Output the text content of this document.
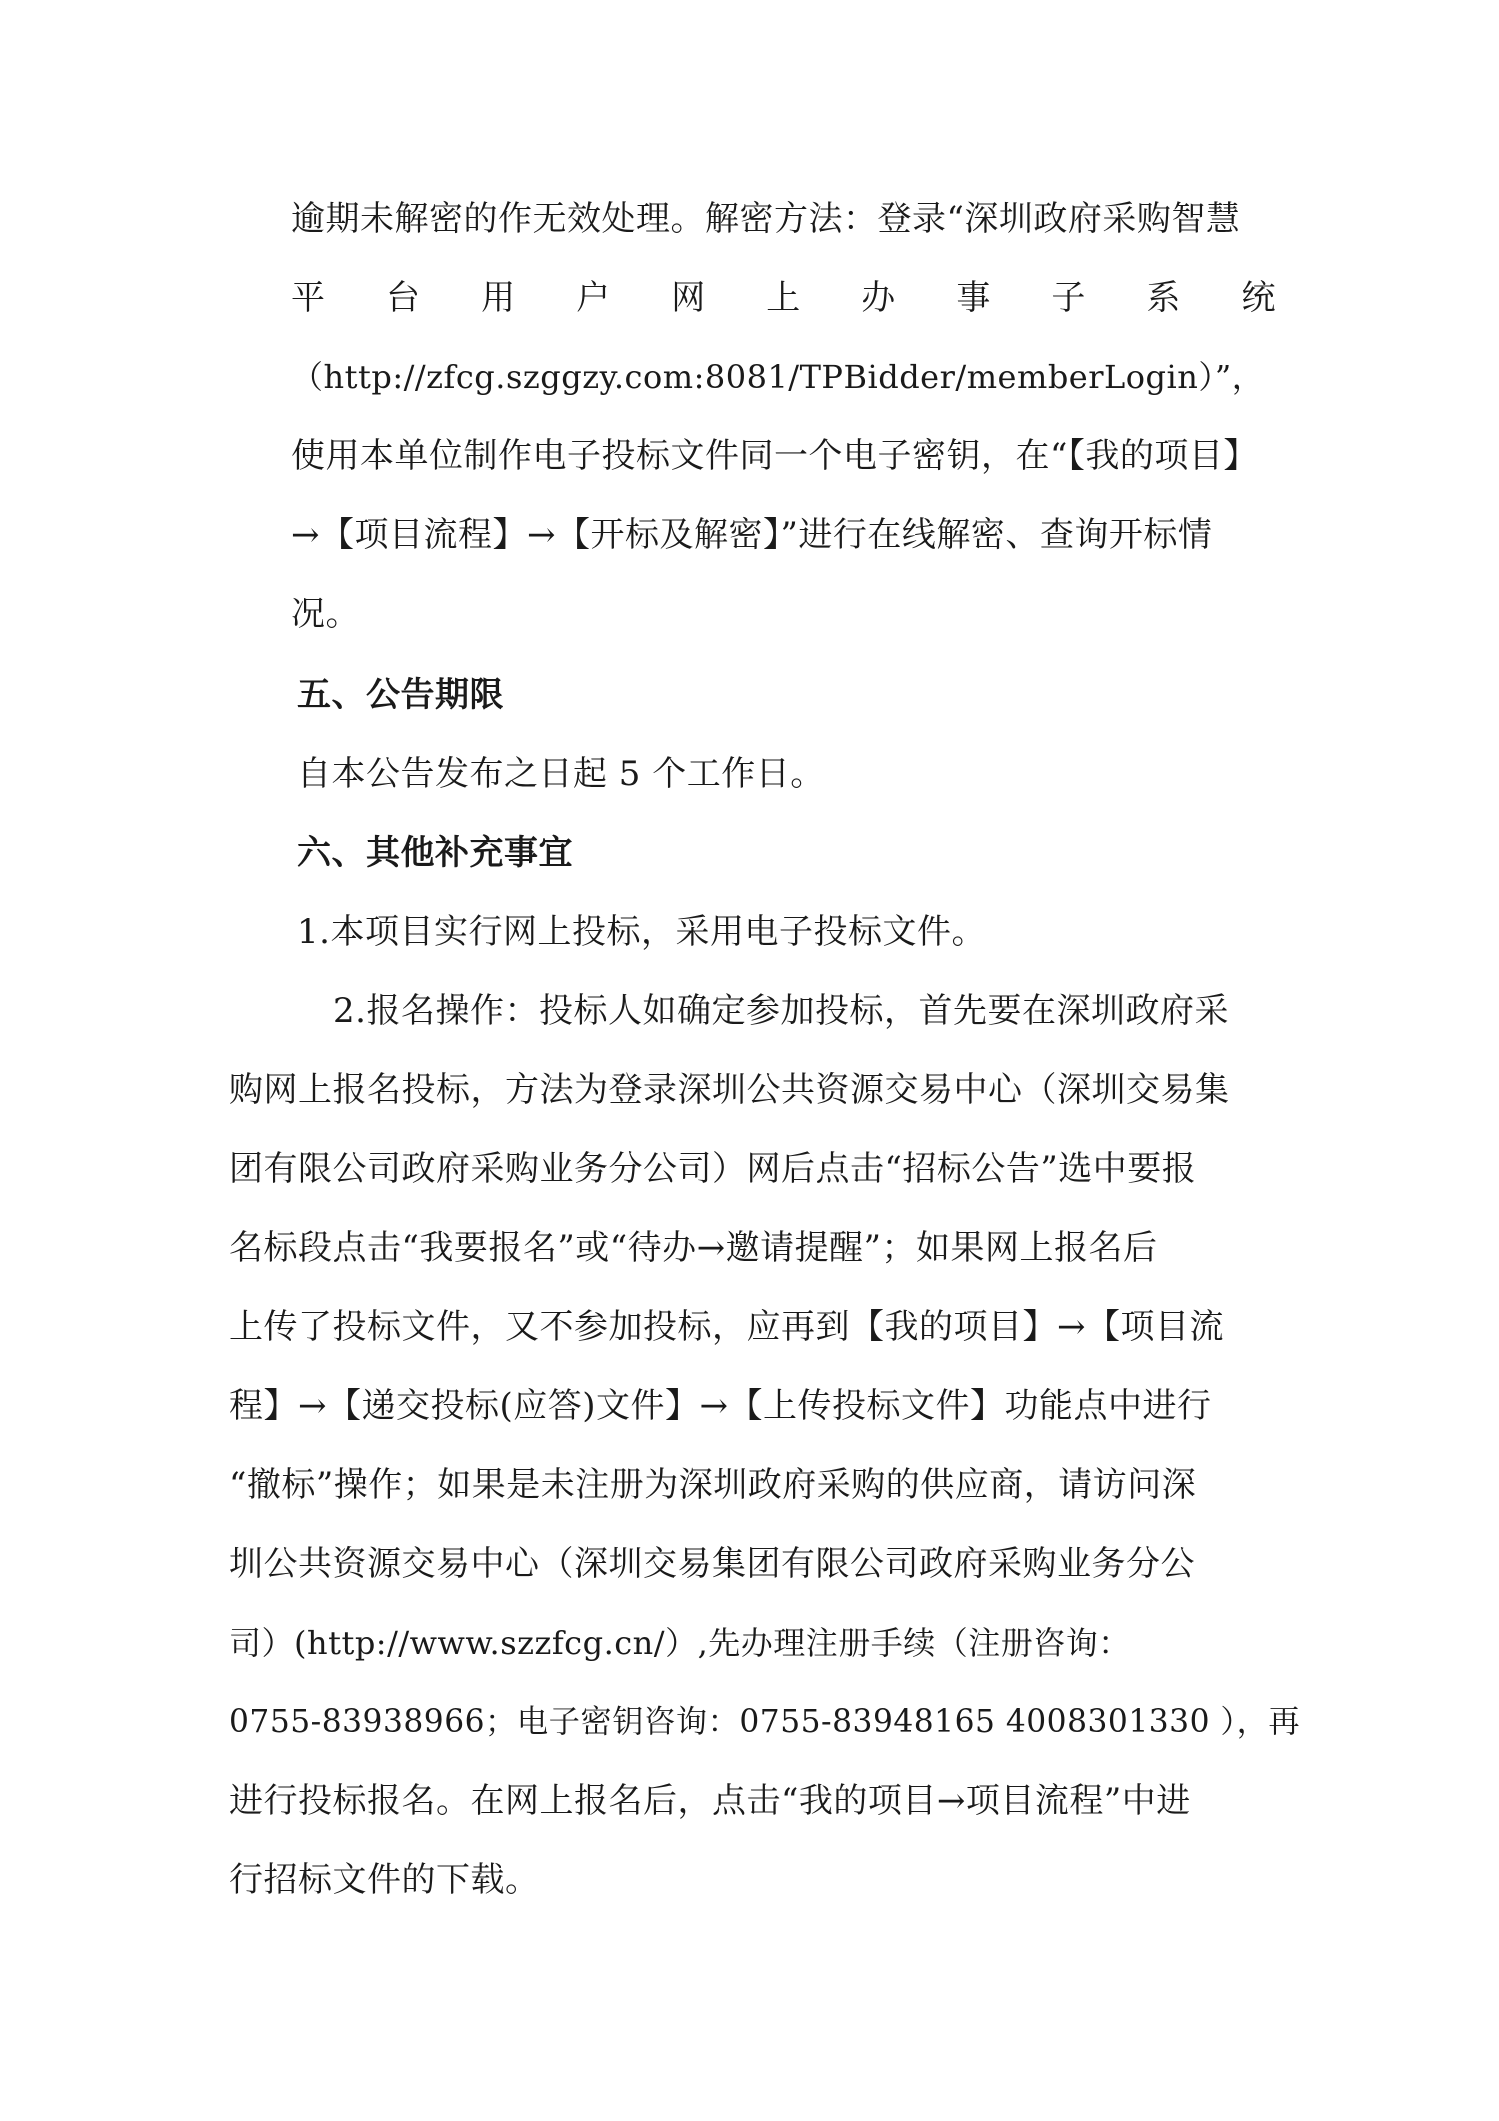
逾期未解密的作无效处理。解密方法：登录“深圳政府采购智慧
平 台 用 户 网 上 办 事 子 系 统
（http://zfcg.szggzy.com:8081/TPBidder/memberLogin）”，
使用本单位制作电子投标文件同一个电子密钥，在“【我的项目】
→【项目流程】→【开标及解密】”进行在线解密、查询开标情
况。
五、公告期限
自本公告发布之日起 5 个工作日。
六、其他补充事宜
1.本项目实行网上投标，采用电子投标文件。
2.报名操作：投标人如确定参加投标，首先要在深圳政府采
购网上报名投标，方法为登录深圳公共资源交易中心（深圳交易集
团有限公司政府采购业务分公司）网后点击“招标公告”选中要报
名标段点击“我要报名”或“待办→邀请提醒”；如果网上报名后
上传了投标文件，又不参加投标，应再到【我的项目】→【项目流
程】→【递交投标(应答)文件】→【上传投标文件】功能点中进行
“撤标”操作；如果是未注册为深圳政府采购的供应商，请访问深
圳公共资源交易中心（深圳交易集团有限公司政府采购业务分公
司）(http://www.szzfcg.cn/）,先办理注册手续（注册咨询：
0755-83938966；电子密钥咨询：0755-83948165 4008301330 ），再
进行投标报名。在网上报名后，点击“我的项目→项目流程”中进
行招标文件的下载。
